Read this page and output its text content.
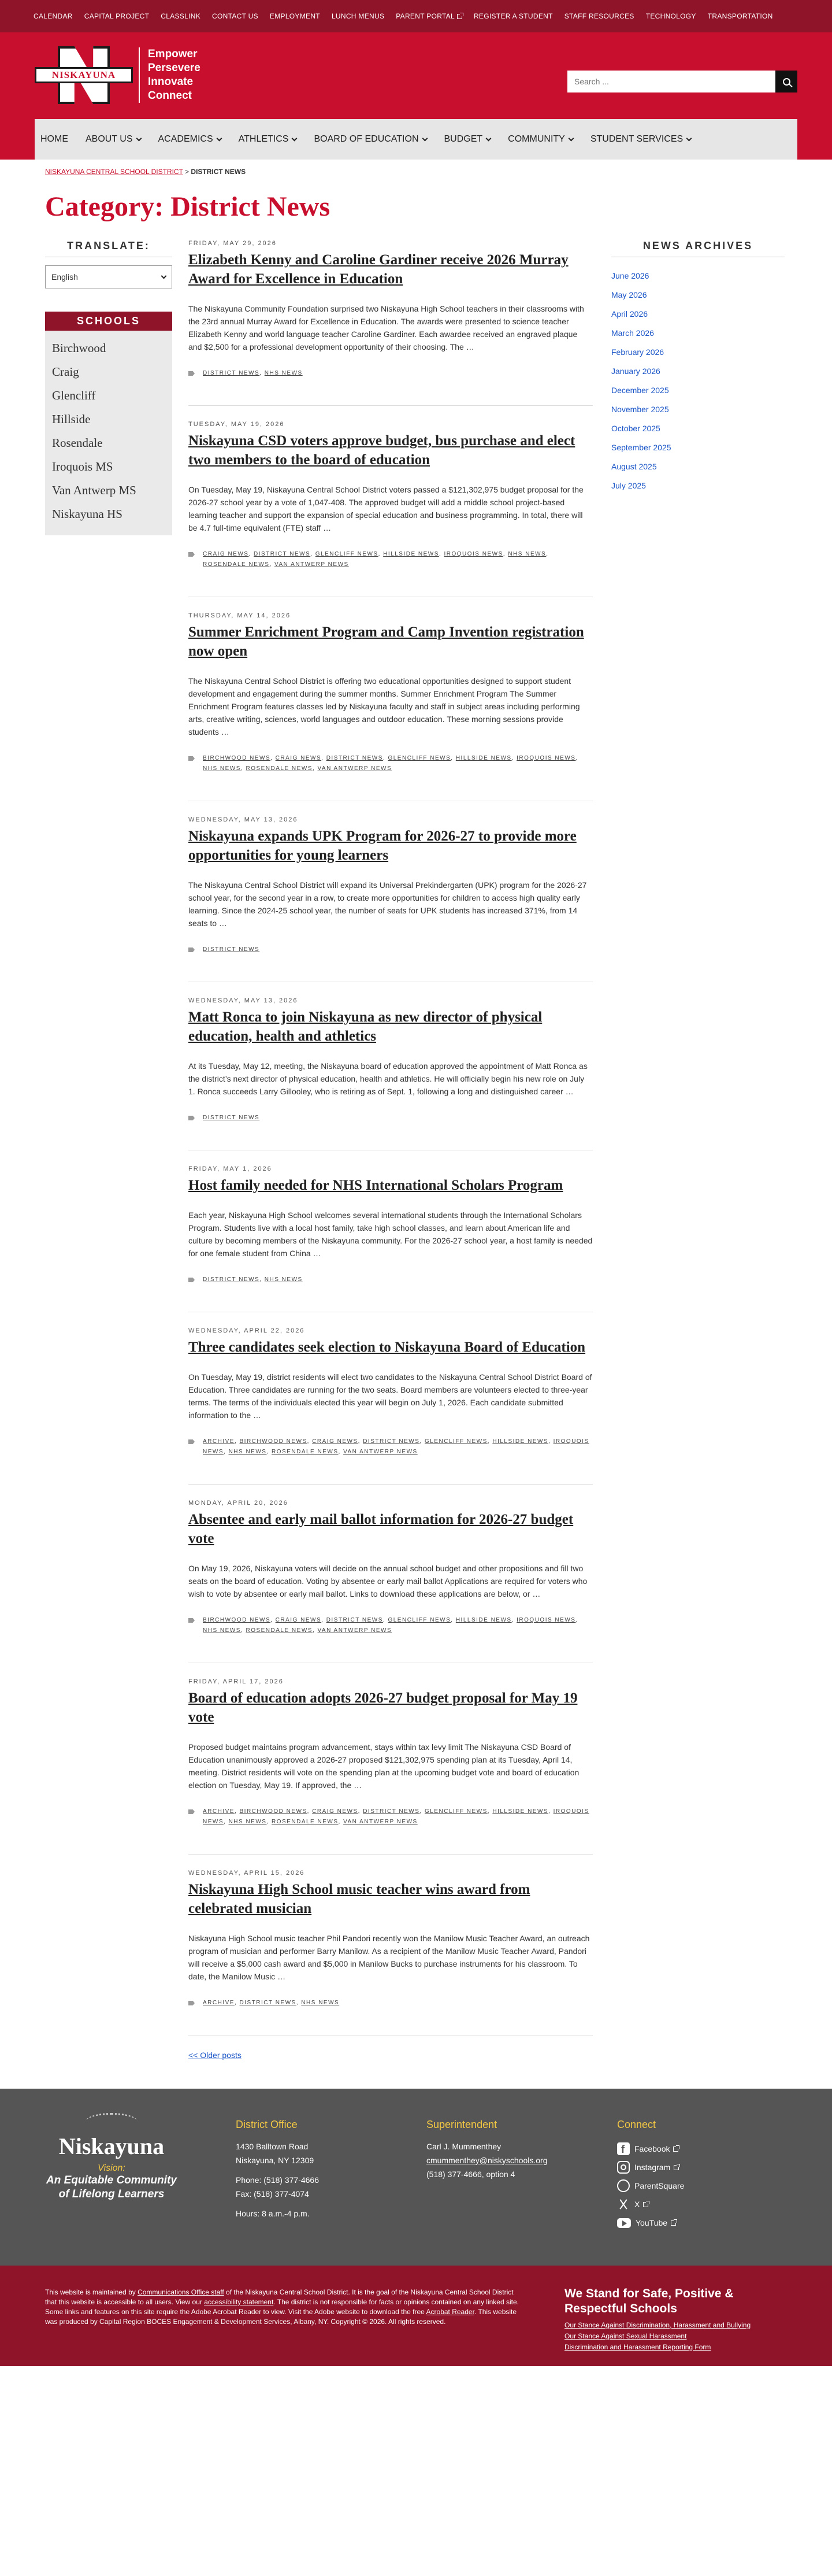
CALENDAR CAPITAL PROJECT CLASSLINK CONTACT US EMPLOYMENT LUNCH MENUS PARENT PORTAL	REGISTER A STUDENT STAFF RESOURCES TECHNOLOGY TRANSPORTATION
NISKAYUNA
Empower
Persevere
Innovate
Connect
Search ...
HOME ABOUT US	ACADEMICS	ATHLETICS	BOARD OF EDUCATION	BUDGET	COMMUNITY	STUDENT SERVICES
NISKAYUNA CENTRAL SCHOOL DISTRICT > DISTRICT NEWS
Category: District News
TRANSLATE:
English
SCHOOLS
Birchwood
Craig
Glencliff
Hillside
Rosendale
Iroquois MS
Van Antwerp MS
Niskayuna HS
FRIDAY, MAY 29, 2026
Elizabeth Kenny and Caroline Gardiner receive 2026 Murray Award for Excellence in Education

The Niskayuna Community Foundation surprised two Niskayuna High School teachers in their classrooms with the 23rd annual Murray Award for Excellence in Education. The awards were presented to science teacher Elizabeth Kenny and world language teacher Caroline Gardiner. Each awardee received an engraved plaque and $2,500 for a professional development opportunity of their choosing. The …

DISTRICT NEWS, NHS NEWS
TUESDAY, MAY 19, 2026
Niskayuna CSD voters approve budget, bus purchase and elect two members to the board of education

On Tuesday, May 19, Niskayuna Central School District voters passed a $121,302,975 budget proposal for the 2026-27 school year by a vote of 1,047-408. The approved budget will add a middle school project-based learning teacher and support the expansion of special education and business programming. In total, there will be 4.7 full-time equivalent (FTE) staff …

CRAIG NEWS, DISTRICT NEWS, GLENCLIFF NEWS, HILLSIDE NEWS, IROQUOIS NEWS, NHS NEWS, ROSENDALE NEWS, VAN ANTWERP NEWS
THURSDAY, MAY 14, 2026
Summer Enrichment Program and Camp Invention registration now open

The Niskayuna Central School District is offering two educational opportunities designed to support student development and engagement during the summer months. Summer Enrichment Program The Summer Enrichment Program features classes led by Niskayuna faculty and staff in subject areas including performing arts, creative writing, sciences, world languages and outdoor education. These morning sessions provide students …

BIRCHWOOD NEWS, CRAIG NEWS, DISTRICT NEWS, GLENCLIFF NEWS, HILLSIDE NEWS, IROQUOIS NEWS, NHS NEWS, ROSENDALE NEWS, VAN ANTWERP NEWS
WEDNESDAY, MAY 13, 2026
Niskayuna expands UPK Program for 2026-27 to provide more opportunities for young learners

The Niskayuna Central School District will expand its Universal Prekindergarten (UPK) program for the 2026-27 school year, for the second year in a row, to create more opportunities for children to access high quality early learning. Since the 2024-25 school year, the number of seats for UPK students has increased 371%, from 14 seats to …

DISTRICT NEWS
WEDNESDAY, MAY 13, 2026
Matt Ronca to join Niskayuna as new director of physical education, health and athletics

At its Tuesday, May 12, meeting, the Niskayuna board of education approved the appointment of Matt Ronca as the district’s next director of physical education, health and athletics. He will officially begin his new role on July 1. Ronca succeeds Larry Gillooley, who is retiring as of Sept. 1, following a long and distinguished career …

DISTRICT NEWS
FRIDAY, MAY 1, 2026
Host family needed for NHS International Scholars Program

Each year, Niskayuna High School welcomes several international students through the International Scholars Program. Students live with a local host family, take high school classes, and learn about American life and culture by becoming members of the Niskayuna community. For the 2026-27 school year, a host family is needed for one female student from China …

DISTRICT NEWS, NHS NEWS
WEDNESDAY, APRIL 22, 2026
Three candidates seek election to Niskayuna Board of Education

On Tuesday, May 19, district residents will elect two candidates to the Niskayuna Central School District Board of Education. Three candidates are running for the two seats. Board members are volunteers elected to three-year terms. The terms of the individuals elected this year will begin on July 1, 2026. Each candidate submitted information to the …

ARCHIVE, BIRCHWOOD NEWS, CRAIG NEWS, DISTRICT NEWS, GLENCLIFF NEWS, HILLSIDE NEWS, IROQUOIS NEWS, NHS NEWS, ROSENDALE NEWS, VAN ANTWERP NEWS
MONDAY, APRIL 20, 2026
Absentee and early mail ballot information for 2026-27 budget vote

On May 19, 2026, Niskayuna voters will decide on the annual school budget and other propositions and fill two seats on the board of education. Voting by absentee or early mail ballot Applications are required for voters who wish to vote by absentee or early mail ballot. Links to download these applications are below, or …

BIRCHWOOD NEWS, CRAIG NEWS, DISTRICT NEWS, GLENCLIFF NEWS, HILLSIDE NEWS, IROQUOIS NEWS, NHS NEWS, ROSENDALE NEWS, VAN ANTWERP NEWS
FRIDAY, APRIL 17, 2026
Board of education adopts 2026-27 budget proposal for May 19 vote

Proposed budget maintains program advancement, stays within tax levy limit The Niskayuna CSD Board of Education unanimously approved a 2026-27 proposed $121,302,975 spending plan at its Tuesday, April 14, meeting. District residents will vote on the spending plan at the upcoming budget vote and board of education election on Tuesday, May 19. If approved, the …

ARCHIVE, BIRCHWOOD NEWS, CRAIG NEWS, DISTRICT NEWS, GLENCLIFF NEWS, HILLSIDE NEWS, IROQUOIS NEWS, NHS NEWS, ROSENDALE NEWS, VAN ANTWERP NEWS
WEDNESDAY, APRIL 15, 2026
Niskayuna High School music teacher wins award from celebrated musician

Niskayuna High School music teacher Phil Pandori recently won the Manilow Music Teacher Award, an outreach program of musician and performer Barry Manilow. As a recipient of the Manilow Music Teacher Award, Pandori will receive a $5,000 cash award and $5,000 in Manilow Bucks to purchase instruments for his classroom. To date, the Manilow Music …

ARCHIVE, DISTRICT NEWS, NHS NEWS
<< Older posts
NEWS ARCHIVES
June 2026
May 2026
April 2026
March 2026
February 2026
January 2026
December 2025
November 2025
October 2025
September 2025
August 2025
July 2025
Niskayuna
Vision:
An Equitable Community
of Lifelong Learners
District Office
1430 Balltown Road
Niskayuna, NY 12309
Phone: (518) 377-4666
Fax: (518) 377-4074
Hours: 8 a.m.-4 p.m.
Superintendent
Carl J. Mummenthey
cmummenthey@niskyschools.org
(518) 377-4666, option 4
Connect
f
Facebook
Instagram
ParentSquare
X
YouTube
This website is maintained by Communications Office staff of the Niskayuna Central School District. It is the goal of the Niskayuna Central School District that this website is accessible to all users. View our accessibility statement. The district is not responsible for facts or opinions contained on any linked site. Some links and features on this site require the Adobe Acrobat Reader to view. Visit the Adobe website to download the free Acrobat Reader. This website was produced by Capital Region BOCES Engagement & Development Services, Albany, NY. Copyright © 2026. All rights reserved.
We Stand for Safe, Positive & Respectful Schools
Our Stance Against Discrimination, Harassment and Bullying
Our Stance Against Sexual Harassment
Discrimination and Harassment Reporting Form
